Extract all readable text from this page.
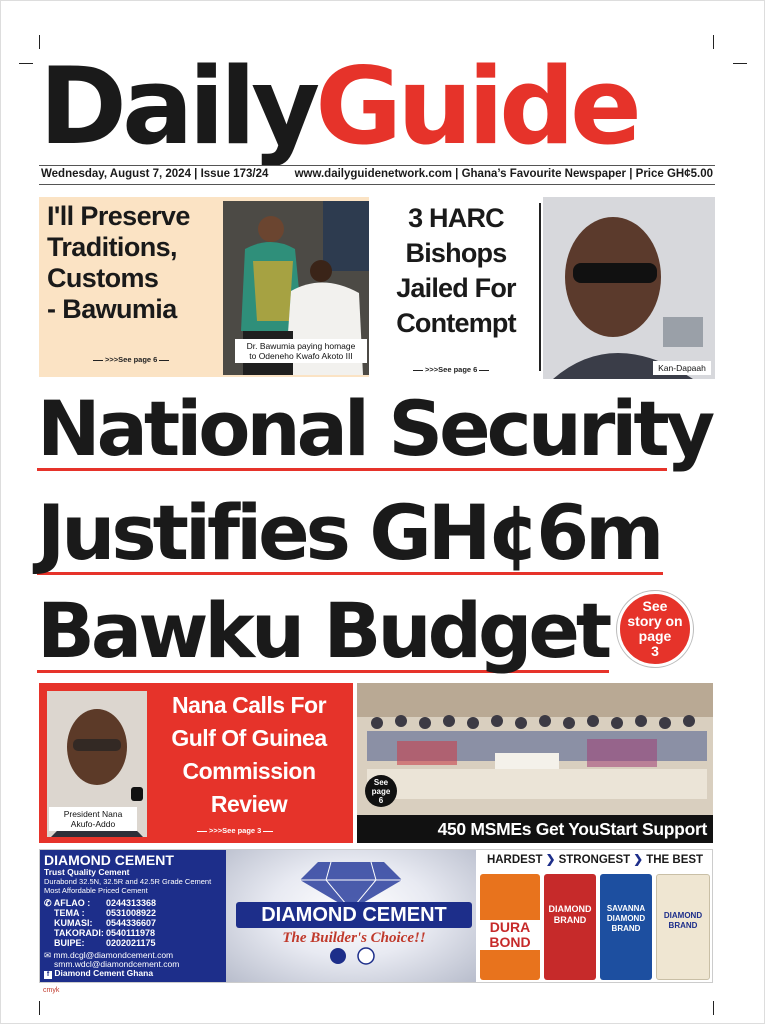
DailyGuide
Wednesday, August 7, 2024 | Issue 173/24 www.dailyguidenetwork.com | Ghana’s Favourite Newspaper | Price GH¢5.00
I'll Preserve
Traditions,
Customs
- Bawumia
>>>See page 6
Dr. Bawumia paying homage
to Odeneho Kwafo Akoto III
3 HARC
Bishops
Jailed For
Contempt
>>>See page 6	Kan-Dapaah
National Security
Justifies GH¢6m
Bawku Budget	See
story on
page
3
President Nana
Akufo-Addo
Nana Calls For
Gulf Of Guinea
Commission
Review
>>>See page 3
See
page
6
450 MSMEs Get YouStart Support
DIAMOND CEMENT
Trust Quality Cement
Durabond 32.5N, 32.5R and 42.5R Grade Cement
Most Affordable Priced Cement
✆ AFLAO :	0244313368
TEMA :	0531008922
KUMASI:	0544336607
TAKORADI: 0540111978
BUIPE:	0202021175
✉ mm.dcgl@diamondcement.com
smm.wdcl@diamondcement.com
f Diamond Cement Ghana
DIAMOND CEMENT
The Builder's Choice!!
HARDEST ❯ STRONGEST ❯ THE BEST
DURA
BOND
DIAMOND
BRAND
SAVANNA
DIAMOND BRAND
DIAMOND
BRAND
cmyk
